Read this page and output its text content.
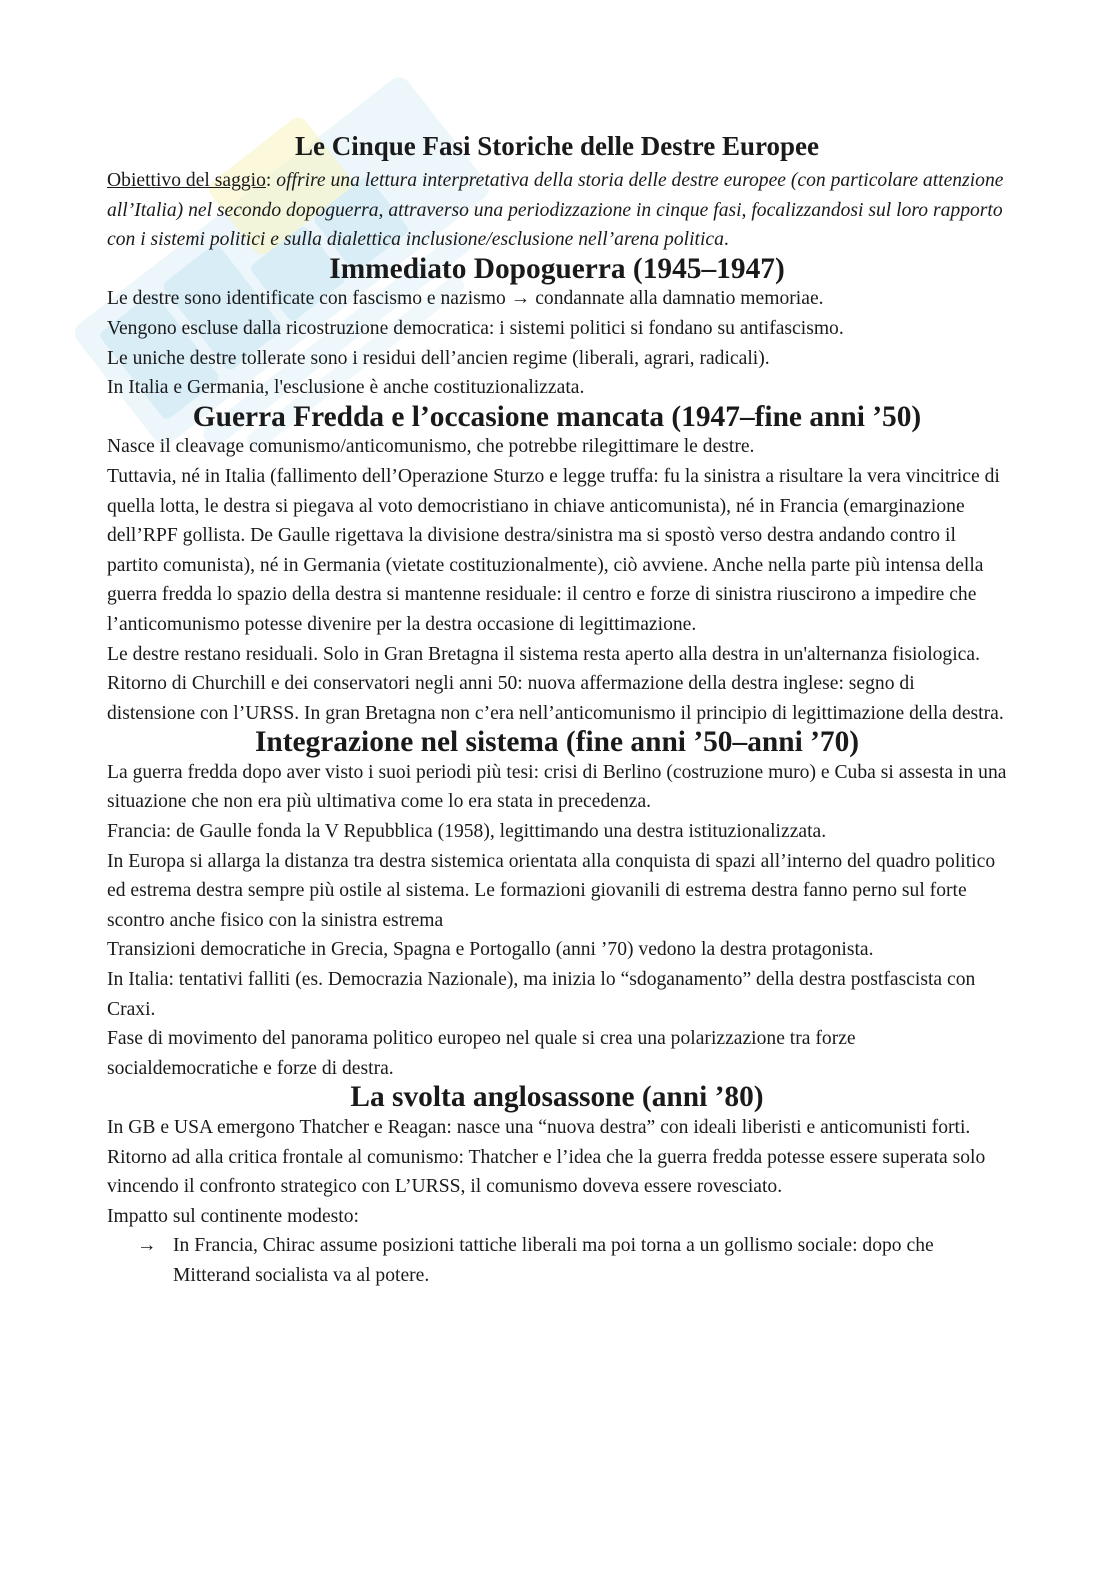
Le Cinque Fasi Storiche delle Destre Europee

Obiettivo del saggio: offrire una lettura interpretativa della storia delle destre europee (con particolare attenzione all’Italia) nel secondo dopoguerra, attraverso una periodizzazione in cinque fasi, focalizzandosi sul loro rapporto con i sistemi politici e sulla dialettica inclusione/esclusione nell’arena politica.

Immediato Dopoguerra (1945–1947)

Le destre sono identificate con fascismo e nazismo → condannate alla damnatio memoriae.

Vengono escluse dalla ricostruzione democratica: i sistemi politici si fondano su antifascismo.

Le uniche destre tollerate sono i residui dell’ancien regime (liberali, agrari, radicali).

In Italia e Germania, l'esclusione è anche costituzionalizzata.

Guerra Fredda e l’occasione mancata (1947–fine anni ’50)

Nasce il cleavage comunismo/anticomunismo, che potrebbe rilegittimare le destre.

Tuttavia, né in Italia (fallimento dell’Operazione Sturzo e legge truffa: fu la sinistra a risultare la vera vincitrice di quella lotta, le destra si piegava al voto democristiano in chiave anticomunista), né in Francia (emarginazione dell’RPF gollista. De Gaulle rigettava la divisione destra/sinistra ma si spostò verso destra andando contro il partito comunista), né in Germania (vietate costituzionalmente), ciò avviene. Anche nella parte più intensa della guerra fredda lo spazio della destra si mantenne residuale: il centro e forze di sinistra riuscirono a impedire che l’anticomunismo potesse divenire per la destra occasione di legittimazione.

Le destre restano residuali. Solo in Gran Bretagna il sistema resta aperto alla destra in un'alternanza fisiologica. Ritorno di Churchill e dei conservatori negli anni 50: nuova affermazione della destra inglese: segno di distensione con l’URSS. In gran Bretagna non c’era nell’anticomunismo il principio di legittimazione della destra.

Integrazione nel sistema (fine anni ’50–anni ’70)

La guerra fredda dopo aver visto i suoi periodi più tesi: crisi di Berlino (costruzione muro) e Cuba si assesta in una situazione che non era più ultimativa come lo era stata in precedenza.

Francia: de Gaulle fonda la V Repubblica (1958), legittimando una destra istituzionalizzata.

In Europa si allarga la distanza tra destra sistemica orientata alla conquista di spazi all’interno del quadro politico ed estrema destra sempre più ostile al sistema. Le formazioni giovanili di estrema destra fanno perno sul forte scontro anche fisico con la sinistra estrema

Transizioni democratiche in Grecia, Spagna e Portogallo (anni ’70) vedono la destra protagonista.

In Italia: tentativi falliti (es. Democrazia Nazionale), ma inizia lo “sdoganamento” della destra postfascista con Craxi.

Fase di movimento del panorama politico europeo nel quale si crea una polarizzazione tra forze socialdemocratiche e forze di destra.

La svolta anglosassone (anni ’80)

In GB e USA emergono Thatcher e Reagan: nasce una “nuova destra” con ideali liberisti e anticomunisti forti. Ritorno ad alla critica frontale al comunismo: Thatcher e l’idea che la guerra fredda potesse essere superata solo vincendo il confronto strategico con L’URSS, il comunismo doveva essere rovesciato.

Impatto sul continente modesto:

→ In Francia, Chirac assume posizioni tattiche liberali ma poi torna a un gollismo sociale: dopo che Mitterand socialista va al potere.
